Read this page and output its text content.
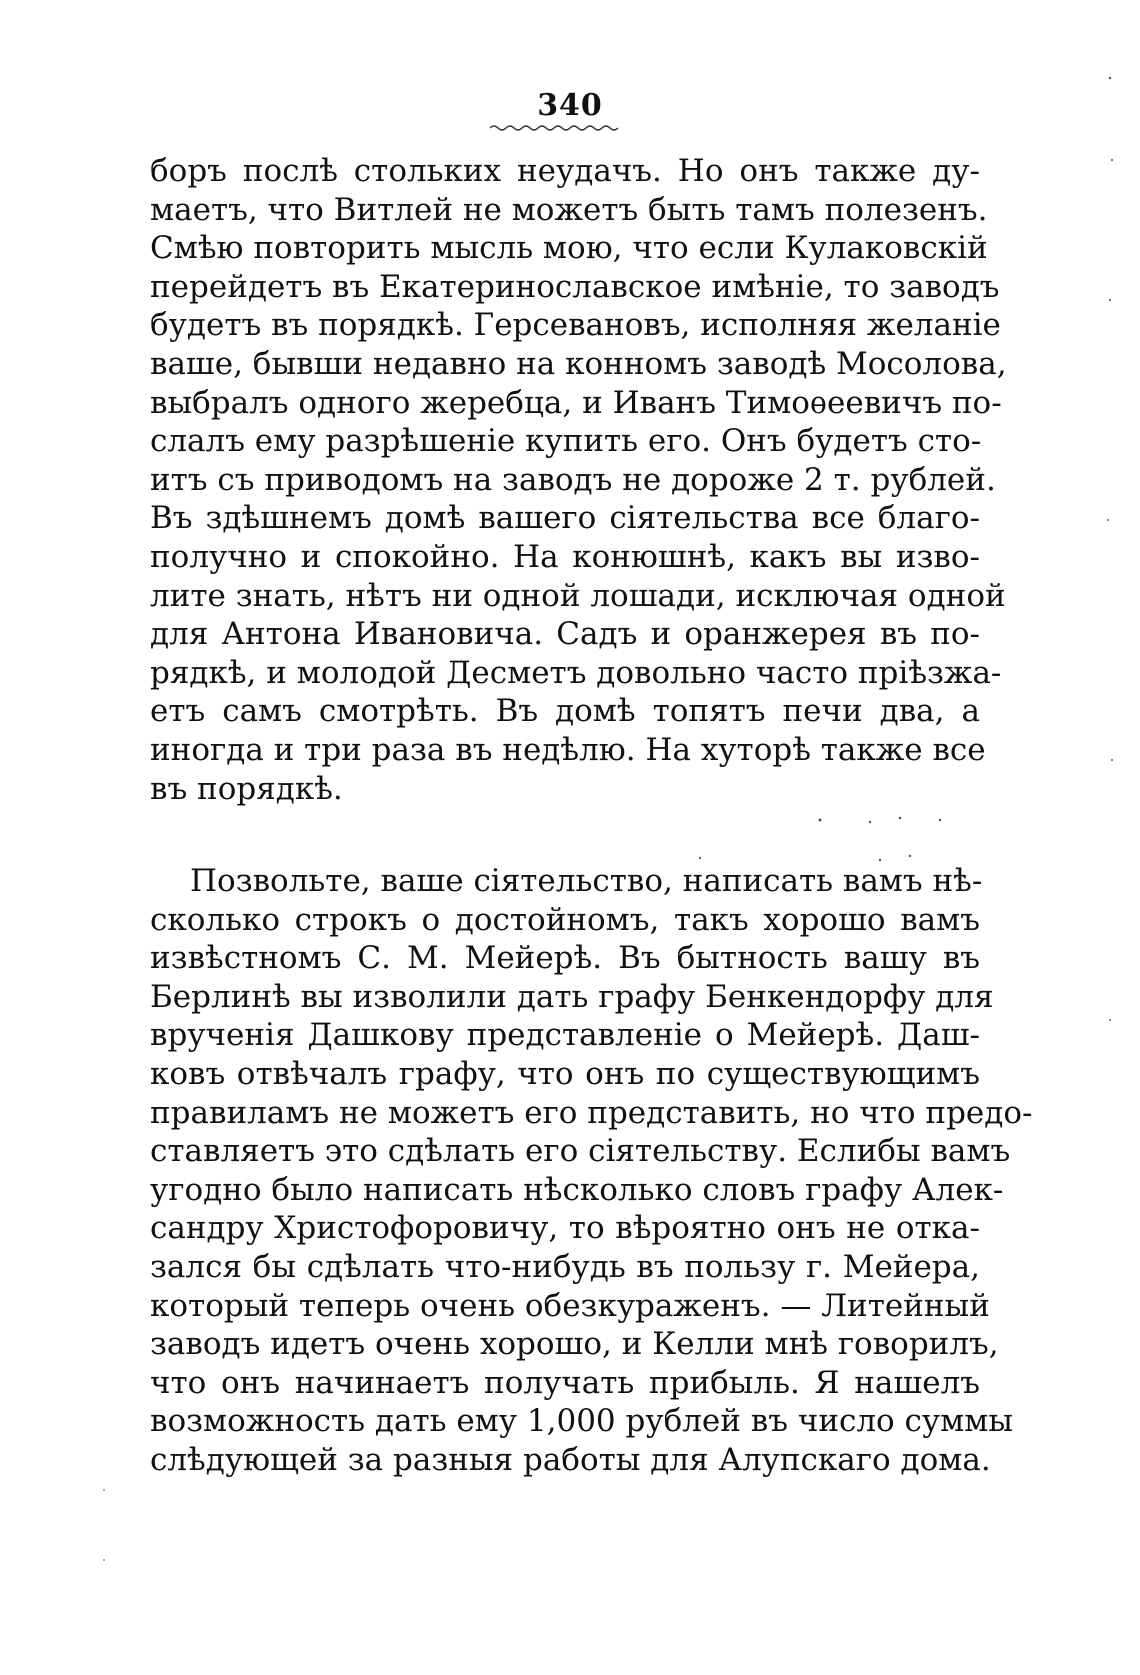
340
боръ послѣ стольких неудачъ. Но онъ также ду-
маетъ, что Витлей не можетъ быть тамъ полезенъ.
Смѣю повторить мысль мою, что если Кулаковскій
перейдетъ въ Екатеринославское имѣніе, то заводъ
будетъ въ порядкѣ. Герсевановъ, исполняя желаніе
ваше, бывши недавно на конномъ заводѣ Мосолова,
выбралъ одного жеребца, и Иванъ Тимоѳеевичъ по-
слалъ ему разрѣшеніе купить его. Онъ будетъ сто-
итъ съ приводомъ на заводъ не дороже 2 т. рублей.
Въ здѣшнемъ домѣ вашего сіятельства все благо-
получно и спокойно. На конюшнѣ, какъ вы изво-
лите знать, нѣтъ ни одной лошади, исключая одной
для Антона Ивановича. Садъ и оранжерея въ по-
рядкѣ, и молодой Десметъ довольно часто пріѣзжа-
етъ самъ смотрѣть. Въ домѣ топятъ печи два, а
иногда и три раза въ недѣлю. На хуторѣ также все
въ порядкѣ.
Позвольте, ваше сіятельство, написать вамъ нѣ-
сколько строкъ о достойномъ, такъ хорошо вамъ
извѣстномъ С. М. Мейерѣ. Въ бытность вашу въ
Берлинѣ вы изволили дать графу Бенкендорфу для
врученія Дашкову представленіе о Мейерѣ. Даш-
ковъ отвѣчалъ графу, что онъ по существующимъ
правиламъ не можетъ его представить, но что предо-
ставляетъ это сдѣлать его сіятельству. Еслибы вамъ
угодно было написать нѣсколько словъ графу Алек-
сандру Христофоровичу, то вѣроятно онъ не отка-
зался бы сдѣлать что-нибудь въ пользу г. Мейера,
который теперь очень обезкураженъ. — Литейный
заводъ идетъ очень хорошо, и Келли мнѣ говорилъ,
что онъ начинаетъ получать прибыль. Я нашелъ
возможность дать ему 1,000 рублей въ число суммы
слѣдующей за разныя работы для Алупскаго дома.
